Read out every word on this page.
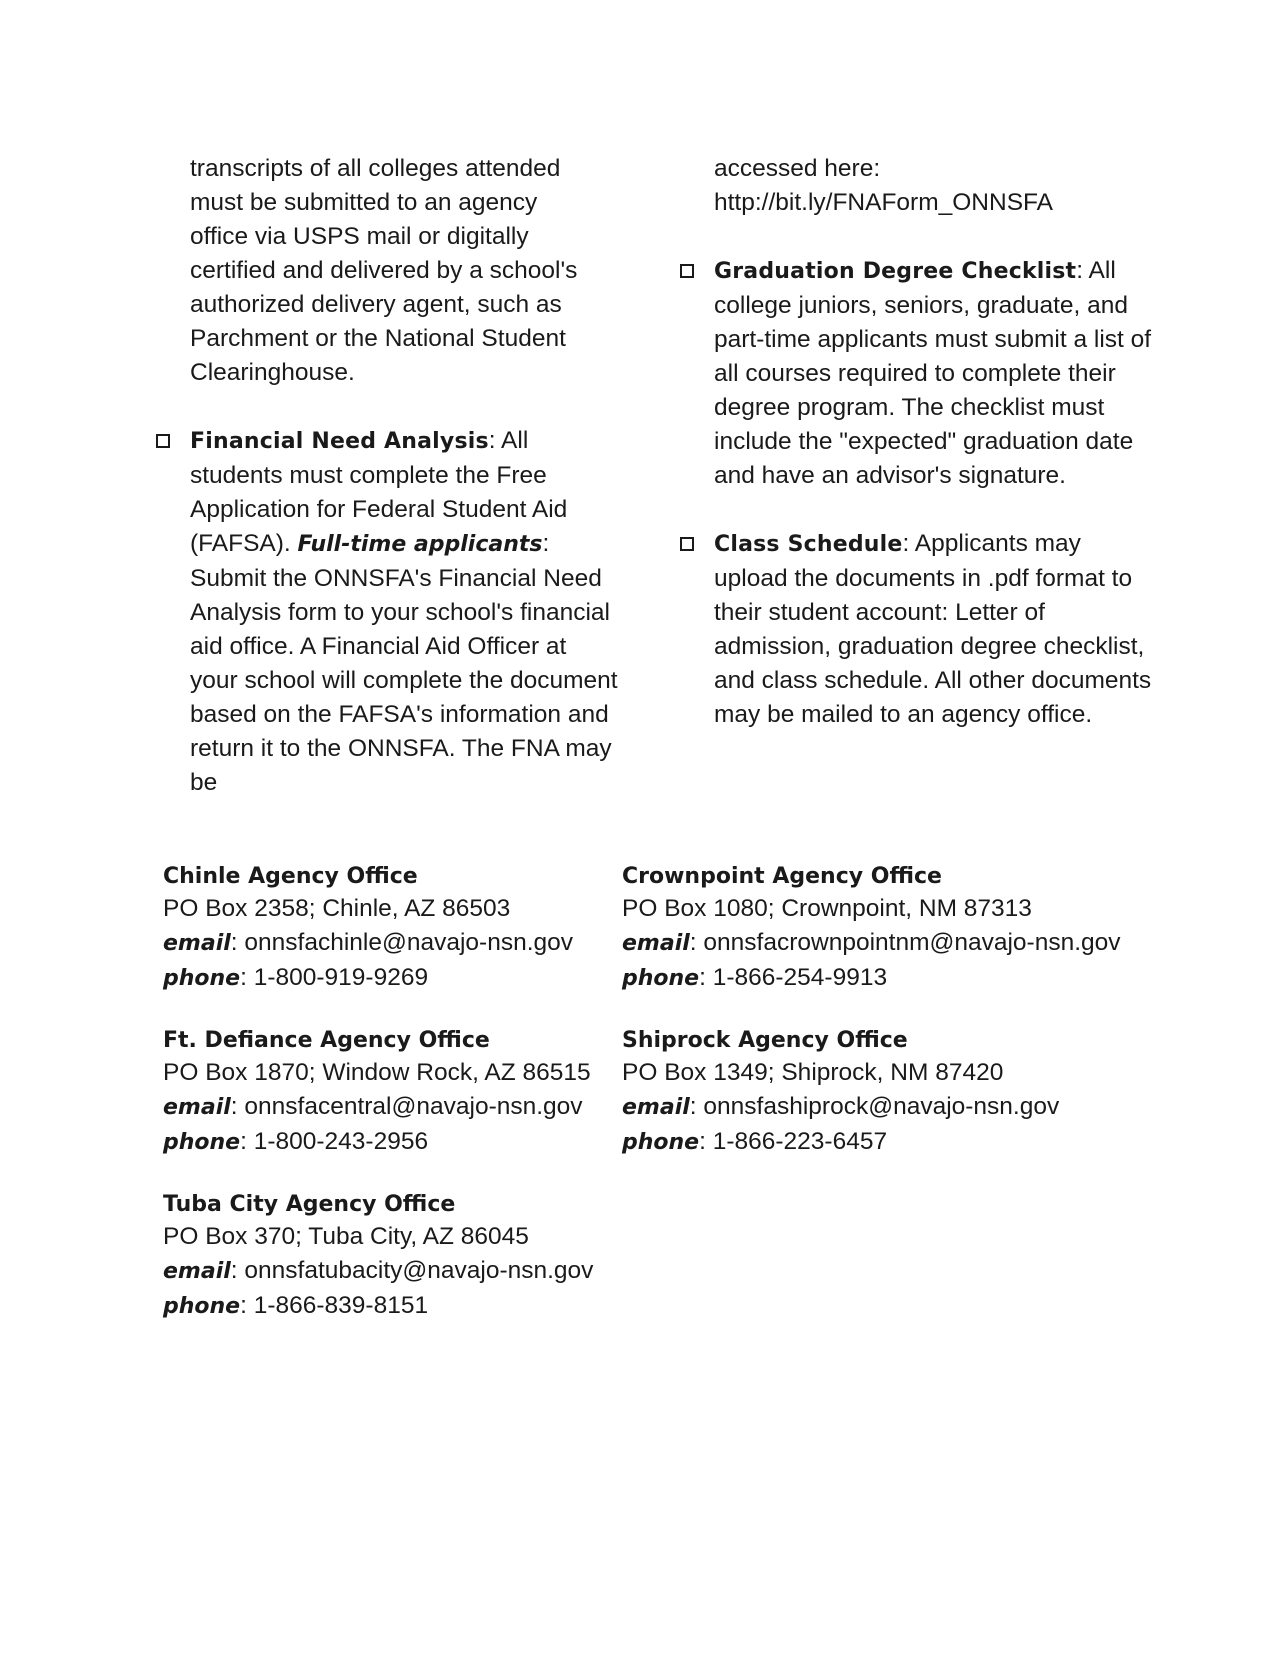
transcripts of all colleges attended
must be submitted to an agency
office via USPS mail or digitally
certified and delivered by a school's
authorized delivery agent, such as
Parchment or the National Student
Clearinghouse.

Financial Need Analysis: All students must complete the Free Application for Federal Student Aid (FAFSA). Full-time applicants: Submit the ONNSFA's Financial Need Analysis form to your school's financial aid office. A Financial Aid Officer at your school will complete the document based on the FAFSA's information and return it to the ONNSFA. The FNA may be

accessed here:
http://bit.ly/FNAForm_ONNSFA

Graduation Degree Checklist: All college juniors, seniors, graduate, and part-time applicants must submit a list of all courses required to complete their degree program. The checklist must include the "expected" graduation date and have an advisor's signature.
Class Schedule: Applicants may upload the documents in .pdf format to their student account: Letter of admission, graduation degree checklist, and class schedule. All other documents may be mailed to an agency office.
Chinle Agency Office
PO Box 2358; Chinle, AZ 86503
email: onnsfachinle@navajo-nsn.gov
phone: 1-800-919-9269
Ft. Defiance Agency Office
PO Box 1870; Window Rock, AZ 86515
email: onnsfacentral@navajo-nsn.gov
phone: 1-800-243-2956
Tuba City Agency Office
PO Box 370; Tuba City, AZ 86045
email: onnsfatubacity@navajo-nsn.gov
phone: 1-866-839-8151
Crownpoint Agency Office
PO Box 1080; Crownpoint, NM 87313
email: onnsfacrownpointnm@navajo-nsn.gov
phone: 1-866-254-9913
Shiprock Agency Office
PO Box 1349; Shiprock, NM 87420
email: onnsfashiprock@navajo-nsn.gov
phone: 1-866-223-6457
